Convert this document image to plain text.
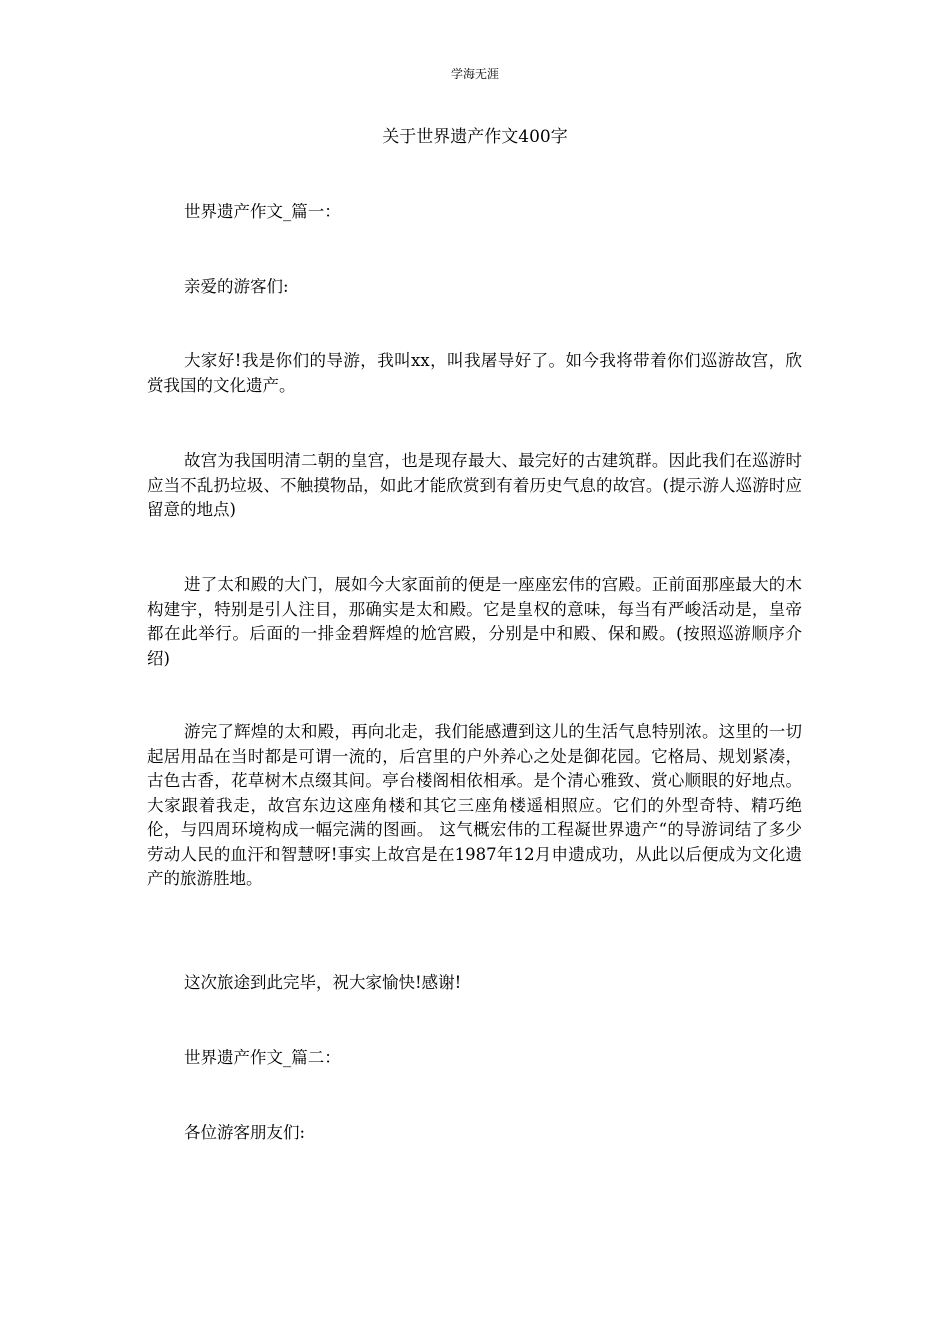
学海无涯
关于世界遗产作文400字

世界遗产作文_篇一：

亲爱的游客们:

大家好!我是你们的导游，我叫xx，叫我屠导好了。如今我将带着你们巡游故宫，欣赏我国的文化遗产。

故宫为我国明清二朝的皇宫，也是现存最大、最完好的古建筑群。因此我们在巡游时应当不乱扔垃圾、不触摸物品，如此才能欣赏到有着历史气息的故宫。(提示游人巡游时应留意的地点)

进了太和殿的大门，展如今大家面前的便是一座座宏伟的宫殿。正前面那座最大的木构建宇，特别是引人注目，那确实是太和殿。它是皇权的意味，每当有严峻活动是，皇帝都在此举行。后面的一排金碧辉煌的尬宫殿，分别是中和殿、保和殿。(按照巡游顺序介绍)

游完了辉煌的太和殿，再向北走，我们能感遭到这儿的生活气息特别浓。这里的一切起居用品在当时都是可谓一流的，后宫里的户外养心之处是御花园。它格局、规划紧凑，古色古香，花草树木点缀其间。亭台楼阁相依相承。是个清心雅致、赏心顺眼的好地点。大家跟着我走，故宫东边这座角楼和其它三座角楼遥相照应。它们的外型奇特、精巧绝伦，与四周环境构成一幅完满的图画。 这气概宏伟的工程凝世界遗产“的导游词结了多少劳动人民的血汗和智慧呀!事实上故宫是在1987年12月申遗成功，从此以后便成为文化遗产的旅游胜地。

这次旅途到此完毕，祝大家愉快!感谢!

世界遗产作文_篇二：

各位游客朋友们:
